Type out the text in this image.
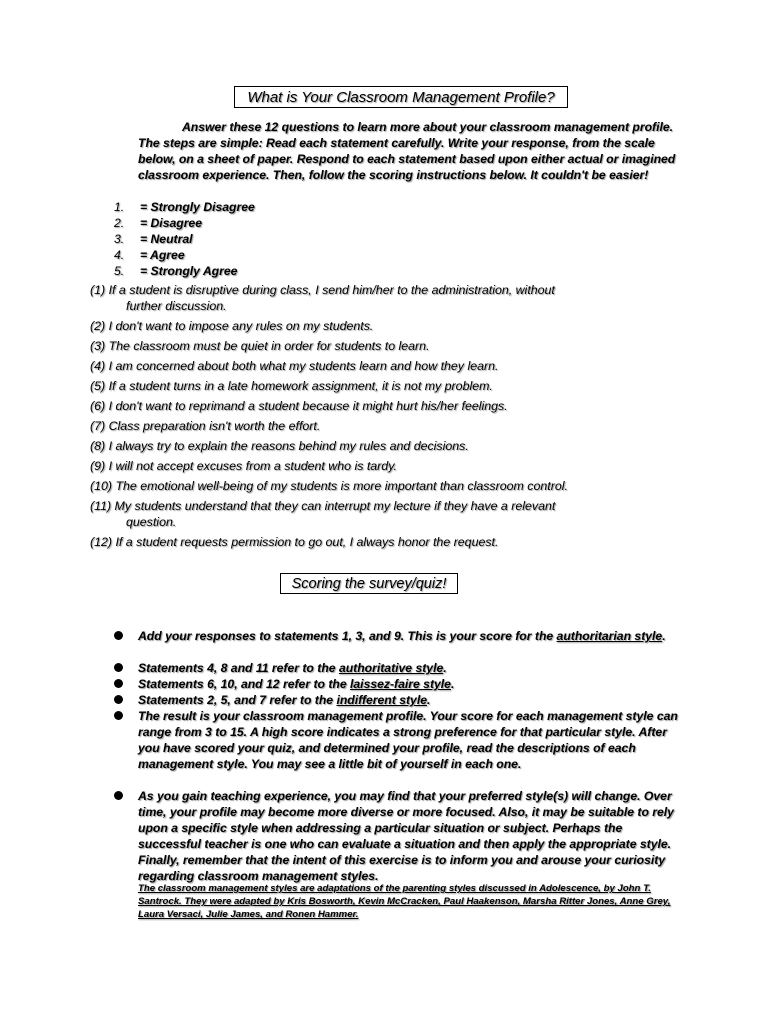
What is Your Classroom Management Profile?
Answer these 12 questions to learn more about your classroom management profile. The steps are simple: Read each statement carefully. Write your response, from the scale below, on a sheet of paper. Respond to each statement based upon either actual or imagined classroom experience. Then, follow the scoring instructions below. It couldn't be easier!
1.	= Strongly Disagree
2.	= Disagree
3.	= Neutral
4.	= Agree
5.	= Strongly Agree
(1) If a student is disruptive during class, I send him/her to the administration, without
further discussion.
(2) I don't want to impose any rules on my students.
(3) The classroom must be quiet in order for students to learn.
(4) I am concerned about both what my students learn and how they learn.
(5) If a student turns in a late homework assignment, it is not my problem.
(6) I don't want to reprimand a student because it might hurt his/her feelings.
(7) Class preparation isn't worth the effort.
(8) I always try to explain the reasons behind my rules and decisions.
(9) I will not accept excuses from a student who is tardy.
(10) The emotional well-being of my students is more important than classroom control.
(11) My students understand that they can interrupt my lecture if they have a relevant
question.
(12) If a student requests permission to go out, I always honor the request.
Scoring the survey/quiz!
Add your responses to statements 1, 3, and 9. This is your score for the authoritarian style.
Statements 4, 8 and 11 refer to the authoritative style.
Statements 6, 10, and 12 refer to the laissez-faire style.
Statements 2, 5, and 7 refer to the indifferent style.
The result is your classroom management profile. Your score for each management style can range from 3 to 15. A high score indicates a strong preference for that particular style. After you have scored your quiz, and determined your profile, read the descriptions of each management style. You may see a little bit of yourself in each one.
As you gain teaching experience, you may find that your preferred style(s) will change. Over time, your profile may become more diverse or more focused. Also, it may be suitable to rely upon a specific style when addressing a particular situation or subject. Perhaps the successful teacher is one who can evaluate a situation and then apply the appropriate style. Finally, remember that the intent of this exercise is to inform you and arouse your curiosity regarding classroom management styles.
The classroom management styles are adaptations of the parenting styles discussed in Adolescence, by John T. Santrock. They were adapted by Kris Bosworth, Kevin McCracken, Paul Haakenson, Marsha Ritter Jones, Anne Grey, Laura Versaci, Julie James, and Ronen Hammer.
